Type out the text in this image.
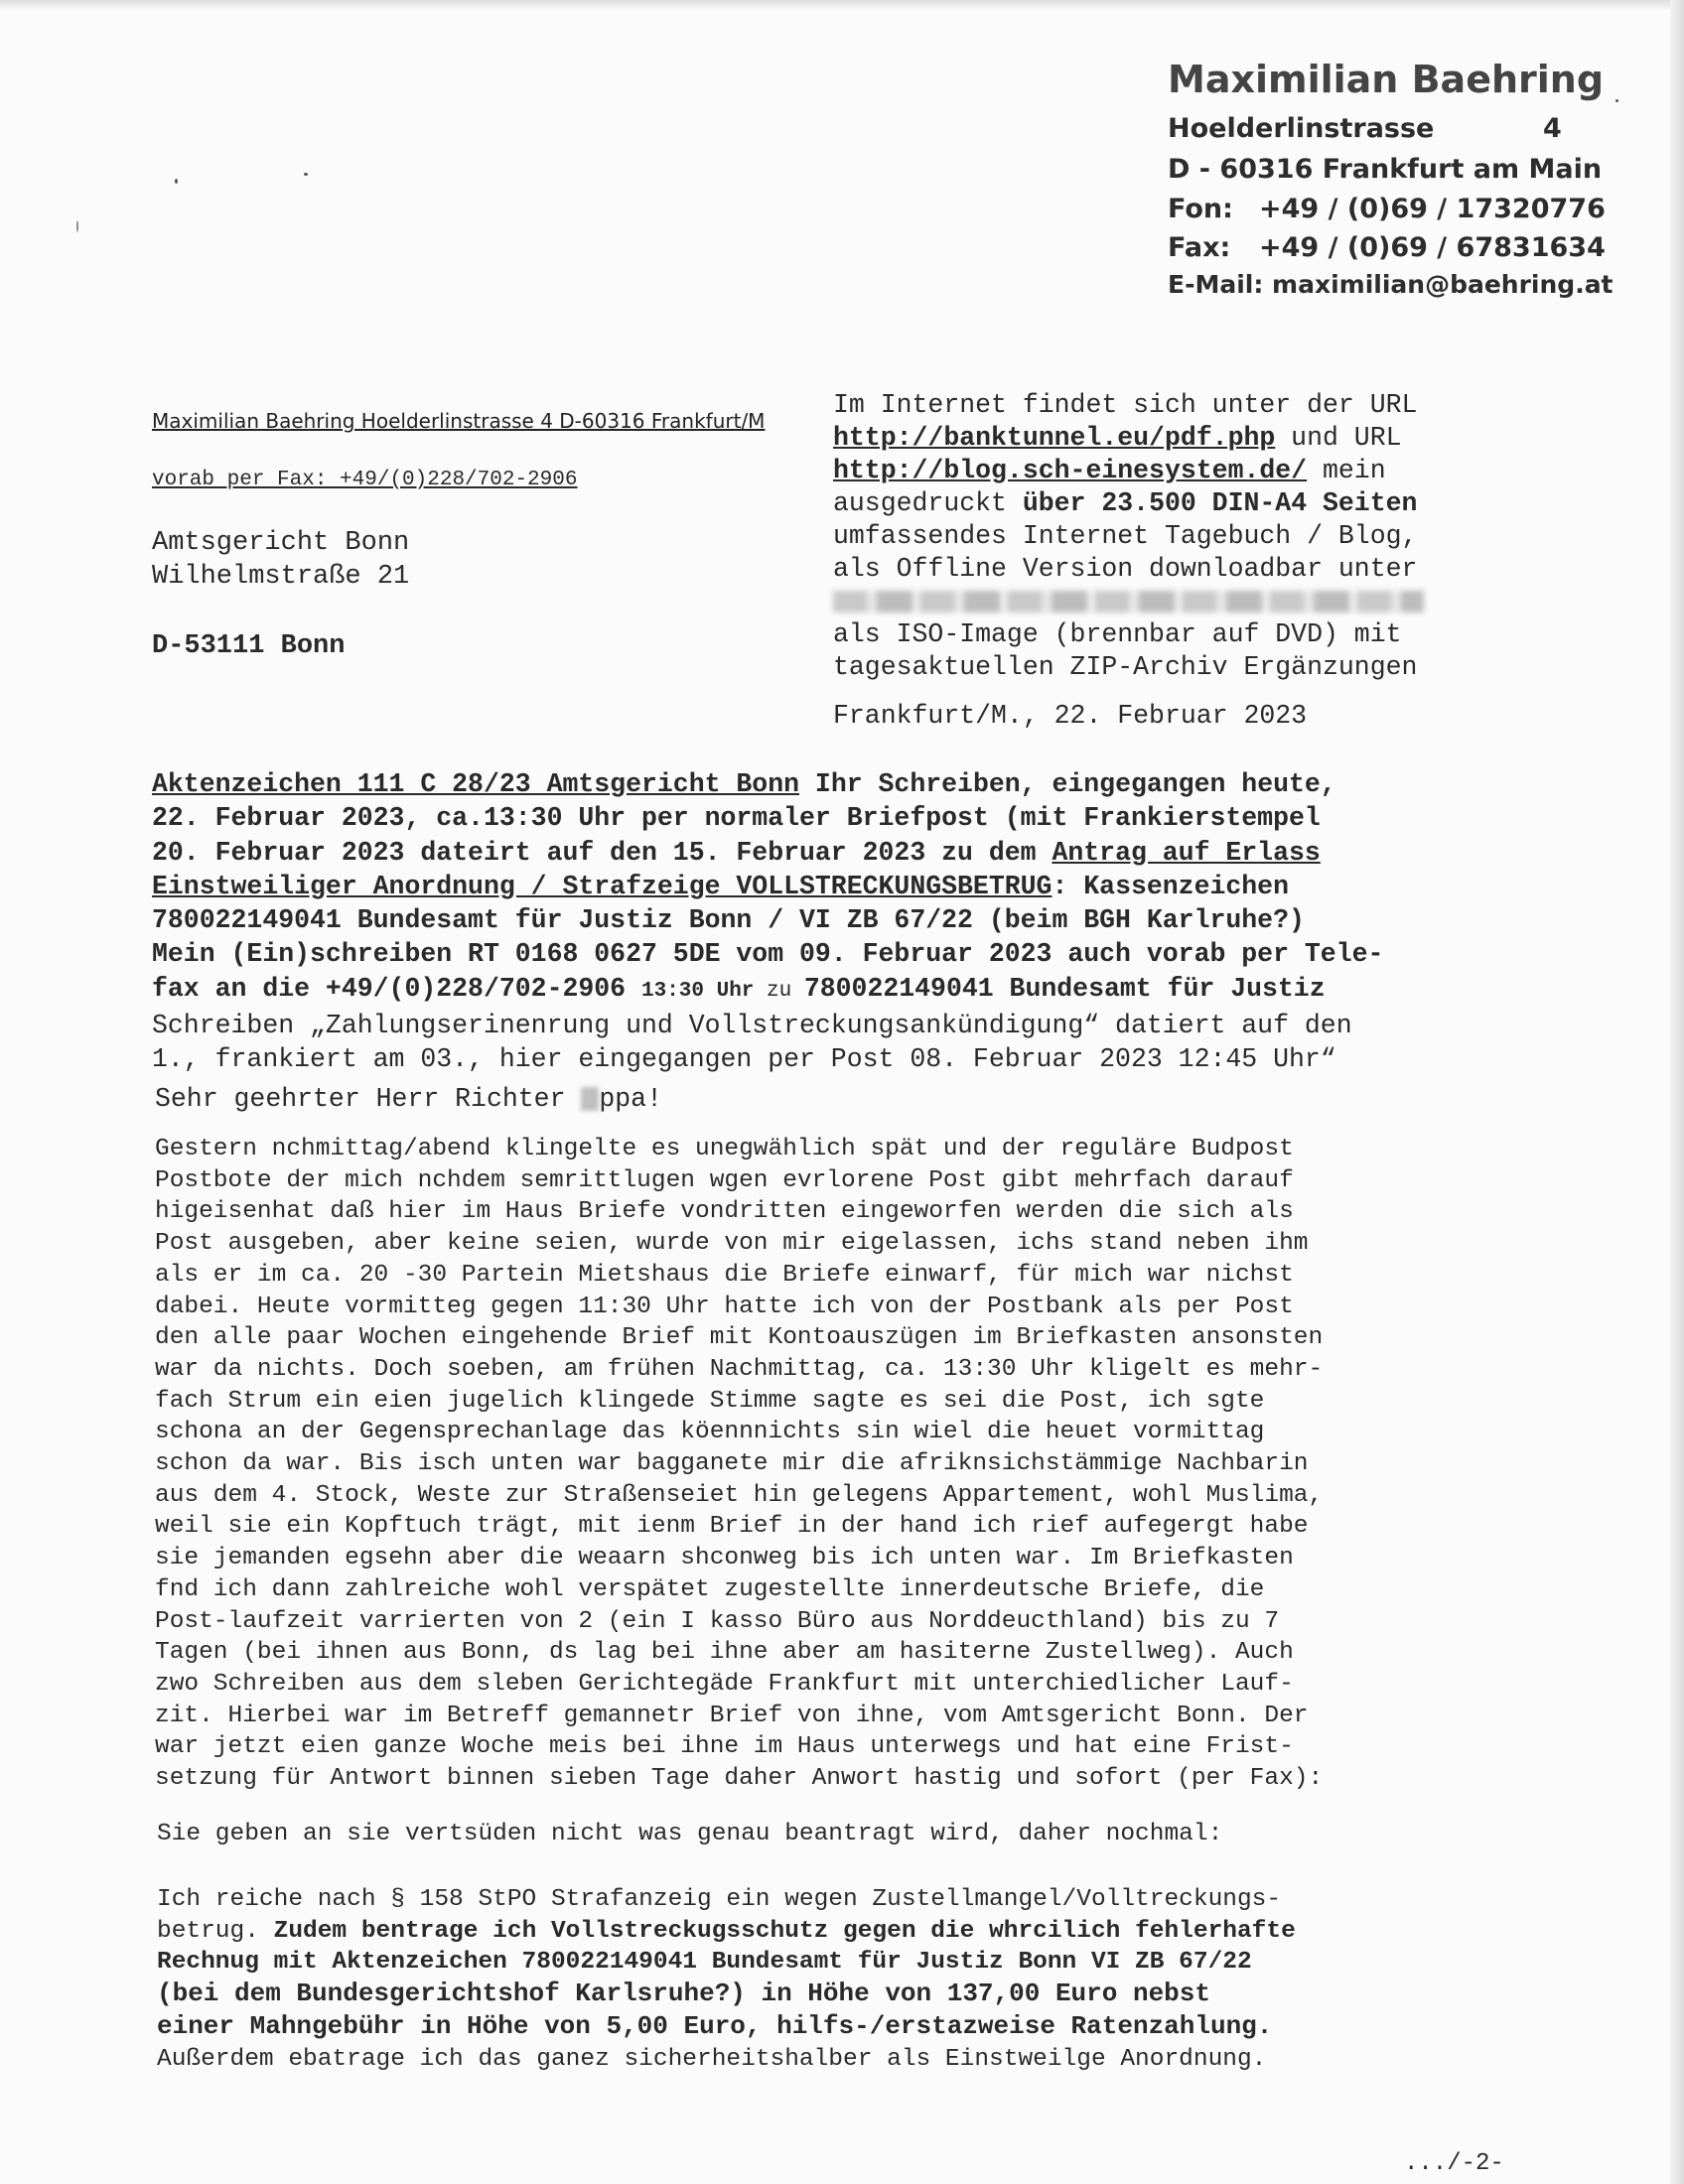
Maximilian Baehring
Hoelderlinstrasse	4
D - 60316 Frankfurt am Main
Fon: +49 / (0)69 / 17320776
Fax: +49 / (0)69 / 67831634
E-Mail: maximilian@baehring.at
Maximilian Baehring Hoelderlinstrasse 4 D-60316 Frankfurt/M
vorab per Fax: +49/(0)228/702-2906
Amtsgericht Bonn
Wilhelmstraße 21
D-53111 Bonn
Im Internet findet sich unter der URL
http://banktunnel.eu/pdf.php und URL
http://blog.sch-einesystem.de/ mein
ausgedruckt über 23.500 DIN-A4 Seiten
umfassendes Internet Tagebuch / Blog,
als Offline Version downloadbar unter
als ISO-Image (brennbar auf DVD) mit
tagesaktuellen ZIP-Archiv Ergänzungen
Frankfurt/M., 22. Februar 2023
Aktenzeichen 111 C 28/23 Amtsgericht Bonn Ihr Schreiben, eingegangen heute,
22. Februar 2023, ca.13:30 Uhr per normaler Briefpost (mit Frankierstempel
20. Februar 2023 dateirt auf den 15. Februar 2023 zu dem Antrag auf Erlass
Einstweiliger Anordnung / Strafzeige VOLLSTRECKUNGSBETRUG: Kassenzeichen
780022149041 Bundesamt für Justiz Bonn / VI ZB 67/22 (beim BGH Karlruhe?)
Mein (Ein)schreiben RT 0168 0627 5DE vom 09. Februar 2023 auch vorab per Tele-
fax an die +49/(0)228/702-2906 13:30 Uhr zu 780022149041 Bundesamt für Justiz
Schreiben „Zahlungserinenrung und Vollstreckungsankündigung“ datiert auf den
1., frankiert am 03., hier eingegangen per Post 08. Februar 2023 12:45 Uhr“
Sehr geehrter Herr Richter ppa!
Gestern nchmittag/abend klingelte es unegwählich spät und der reguläre Budpost
Postbote der mich nchdem semrittlugen wgen evrlorene Post gibt mehrfach darauf
higeisenhat daß hier im Haus Briefe vondritten eingeworfen werden die sich als
Post ausgeben, aber keine seien, wurde von mir eigelassen, ichs stand neben ihm
als er im ca. 20 -30 Partein Mietshaus die Briefe einwarf, für mich war nichst
dabei. Heute vormitteg gegen 11:30 Uhr hatte ich von der Postbank als per Post
den alle paar Wochen eingehende Brief mit Kontoauszügen im Briefkasten ansonsten
war da nichts. Doch soeben, am frühen Nachmittag, ca. 13:30 Uhr kligelt es mehr-
fach Strum ein eien jugelich klingede Stimme sagte es sei die Post, ich sgte
schona an der Gegensprechanlage das köennnichts sin wiel die heuet vormittag
schon da war. Bis isch unten war bagganete mir die afriknsichstämmige Nachbarin
aus dem 4. Stock, Weste zur Straßenseiet hin gelegens Appartement, wohl Muslima,
weil sie ein Kopftuch trägt, mit ienm Brief in der hand ich rief aufegergt habe
sie jemanden egsehn aber die weaarn shconweg bis ich unten war. Im Briefkasten
fnd ich dann zahlreiche wohl verspätet zugestellte innerdeutsche Briefe, die
Post-laufzeit varrierten von 2 (ein I kasso Büro aus Norddeucthland) bis zu 7
Tagen (bei ihnen aus Bonn, ds lag bei ihne aber am hasiterne Zustellweg). Auch
zwo Schreiben aus dem sleben Gerichtegäde Frankfurt mit unterchiedlicher Lauf-
zit. Hierbei war im Betreff gemannetr Brief von ihne, vom Amtsgericht Bonn. Der
war jetzt eien ganze Woche meis bei ihne im Haus unterwegs und hat eine Frist-
setzung für Antwort binnen sieben Tage daher Anwort hastig und sofort (per Fax):
Sie geben an sie vertsüden nicht was genau beantragt wird, daher nochmal:
Ich reiche nach § 158 StPO Strafanzeig ein wegen Zustellmangel/Volltreckungs-
betrug. Zudem bentrage ich Vollstreckugsschutz gegen die whrcilich fehlerhafte
Rechnug mit Aktenzeichen 780022149041 Bundesamt für Justiz Bonn VI ZB 67/22
(bei dem Bundesgerichtshof Karlsruhe?) in Höhe von 137,00 Euro nebst
einer Mahngebühr in Höhe von 5,00 Euro, hilfs-/erstazweise Ratenzahlung.
Außerdem ebatrage ich das ganez sicherheitshalber als Einstweilge Anordnung.
.../-2-
